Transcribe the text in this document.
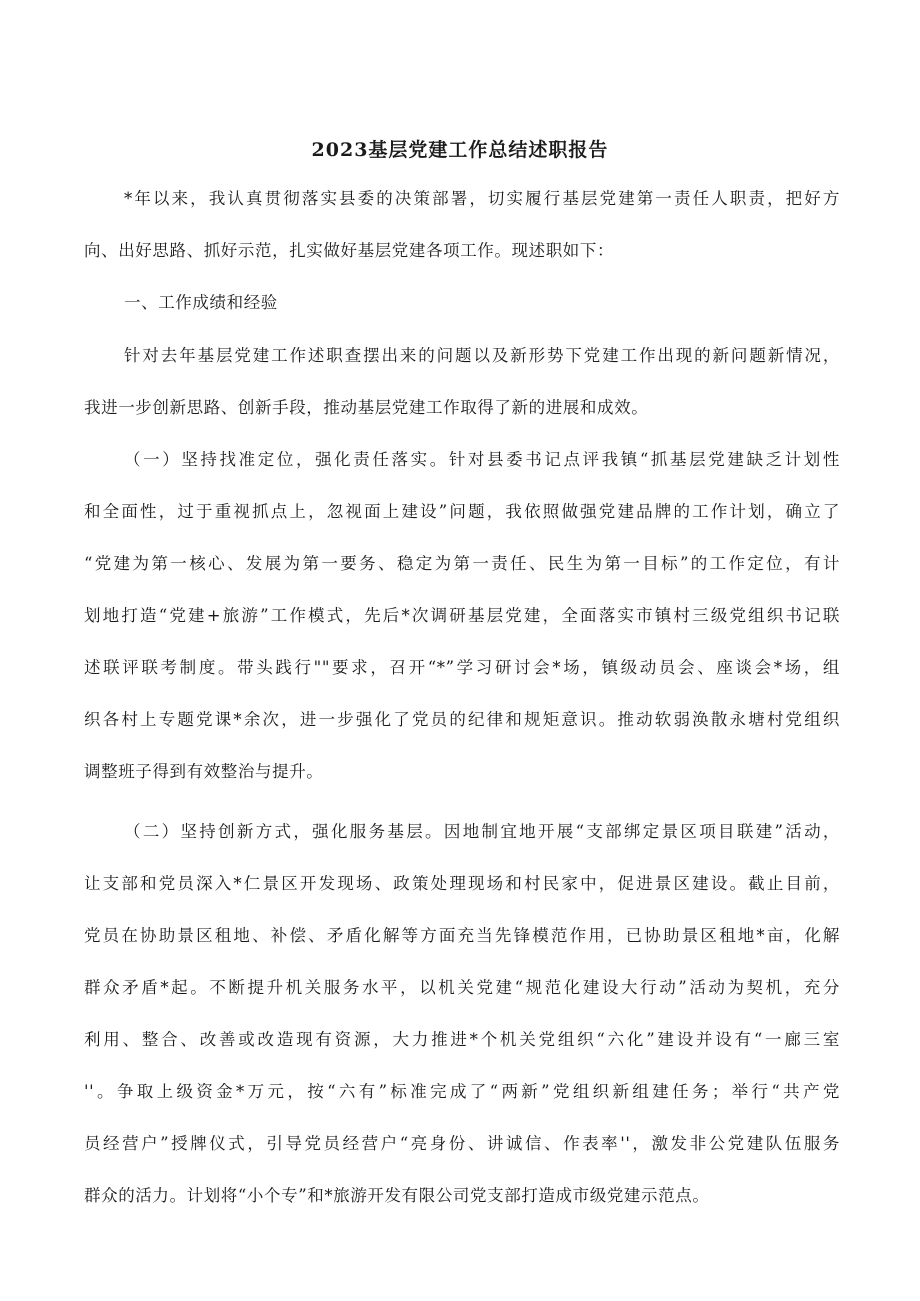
2023基层党建工作总结述职报告
*年以来，我认真贯彻落实县委的决策部署，切实履行基层党建第一责任人职责，把好方
向、出好思路、抓好示范，扎实做好基层党建各项工作。现述职如下：
一、工作成绩和经验
针对去年基层党建工作述职查摆出来的问题以及新形势下党建工作出现的新问题新情况，
我进一步创新思路、创新手段，推动基层党建工作取得了新的进展和成效。
（一）坚持找准定位，强化责任落实。针对县委书记点评我镇“抓基层党建缺乏计划性
和全面性，过于重视抓点上，忽视面上建设”问题，我依照做强党建品牌的工作计划，确立了
“党建为第一核心、发展为第一要务、稳定为第一责任、民生为第一目标”的工作定位，有计
划地打造“党建+旅游”工作模式，先后*次调研基层党建，全面落实市镇村三级党组织书记联
述联评联考制度。带头践行""要求，召开“*”学习研讨会*场，镇级动员会、座谈会*场，组
织各村上专题党课*余次，进一步强化了党员的纪律和规矩意识。推动软弱涣散永塘村党组织
调整班子得到有效整治与提升。
（二）坚持创新方式，强化服务基层。因地制宜地开展“支部绑定景区项目联建”活动，
让支部和党员深入*仁景区开发现场、政策处理现场和村民家中，促进景区建设。截止目前，
党员在协助景区租地、补偿、矛盾化解等方面充当先锋模范作用，已协助景区租地*亩，化解
群众矛盾*起。不断提升机关服务水平，以机关党建“规范化建设大行动”活动为契机，充分
利用、整合、改善或改造现有资源，大力推进*个机关党组织“六化”建设并设有“一廊三室
''。争取上级资金*万元，按“六有”标准完成了“两新”党组织新组建任务；举行“共产党
员经营户”授牌仪式，引导党员经营户“亮身份、讲诚信、作表率''，激发非公党建队伍服务
群众的活力。计划将“小个专”和*旅游开发有限公司党支部打造成市级党建示范点。
